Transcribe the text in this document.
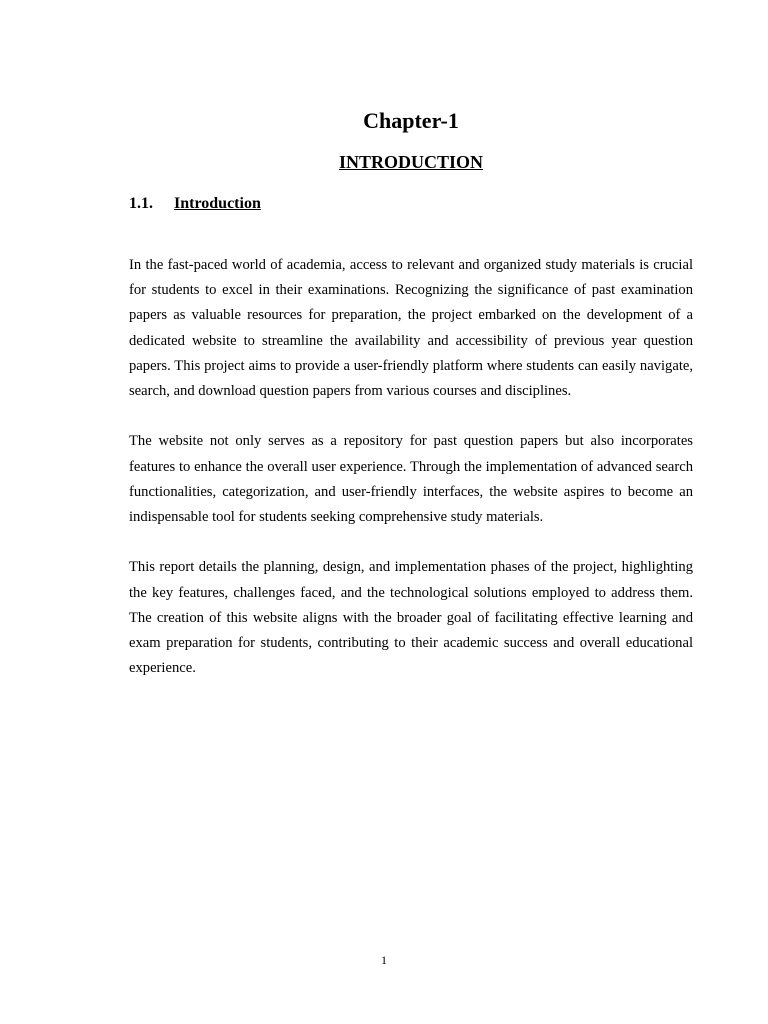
Chapter-1
INTRODUCTION
1.1. Introduction

In the fast-paced world of academia, access to relevant and organized study materials is crucial for students to excel in their examinations. Recognizing the significance of past examination papers as valuable resources for preparation, the project embarked on the development of a dedicated website to streamline the availability and accessibility of previous year question papers. This project aims to provide a user-friendly platform where students can easily navigate, search, and download question papers from various courses and disciplines.

The website not only serves as a repository for past question papers but also incorporates features to enhance the overall user experience. Through the implementation of advanced search functionalities, categorization, and user-friendly interfaces, the website aspires to become an indispensable tool for students seeking comprehensive study materials.

This report details the planning, design, and implementation phases of the project, highlighting the key features, challenges faced, and the technological solutions employed to address them. The creation of this website aligns with the broader goal of facilitating effective learning and exam preparation for students, contributing to their academic success and overall educational experience.

1
